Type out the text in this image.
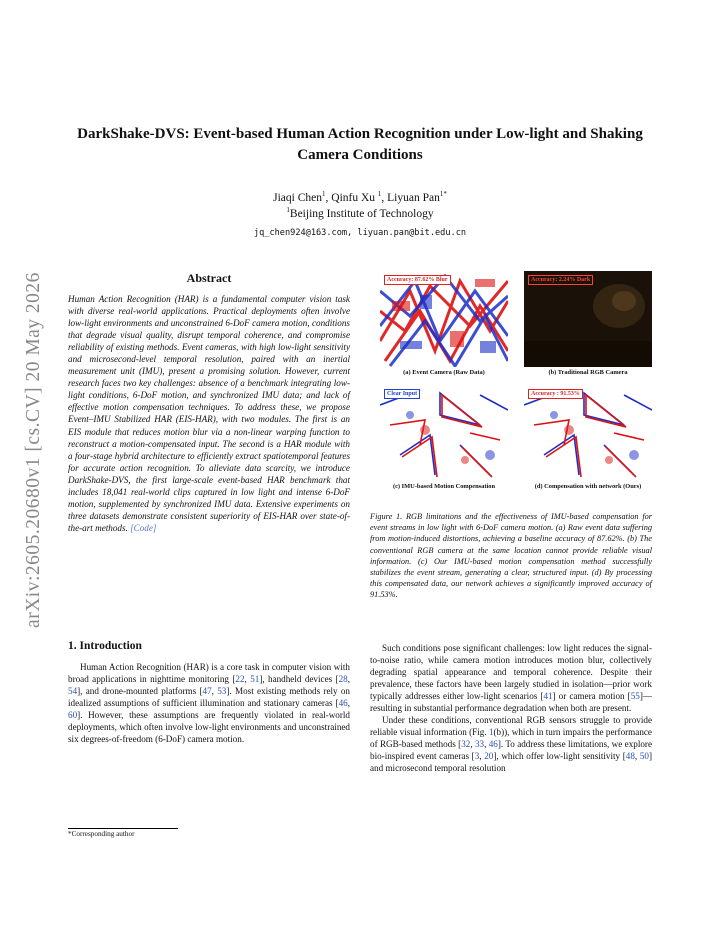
arXiv:2605.20680v1 [cs.CV] 20 May 2026
DarkShake-DVS: Event-based Human Action Recognition under Low-light and Shaking Camera Conditions
Jiaqi Chen$^1$, Qinfu Xu $^1$, Liyuan Pan$^{1*}$
$^1$Beijing Institute of Technology
jq_chen924@163.com, liyuan.pan@bit.edu.cn
Abstract
Human Action Recognition (HAR) is a fundamental computer vision task with diverse real-world applications. Practical deployments often involve low-light environments and unconstrained 6-DoF camera motion, conditions that degrade visual quality, disrupt temporal coherence, and compromise reliability of existing methods. Event cameras, with high low-light sensitivity and microsecond-level temporal resolution, paired with an inertial measurement unit (IMU), present a promising solution. However, current research faces two key challenges: absence of a benchmark integrating low-light conditions, 6-DoF motion, and synchronized IMU data; and lack of effective motion compensation techniques. To address these, we propose Event–IMU Stabilized HAR (EIS-HAR), with two modules. The first is an EIS module that reduces motion blur via a non-linear warping function to reconstruct a motion-compensated input. The second is a HAR module with a four-stage hybrid architecture to efficiently extract spatiotemporal features for accurate action recognition. To alleviate data scarcity, we introduce DarkShake-DVS, the first large-scale event-based HAR benchmark that includes 18,041 real-world clips captured in low light and intense 6-DoF motion, supplemented by synchronized IMU data. Extensive experiments on three datasets demonstrate consistent superiority of EIS-HAR over state-of-the-art methods. [Code]
1. Introduction

Human Action Recognition (HAR) is a core task in computer vision with broad applications in nighttime monitoring [22, 51], handheld devices [28, 54], and drone-mounted platforms [47, 53]. Most existing methods rely on idealized assumptions of sufficient illumination and stationary cameras [46, 60]. However, these assumptions are frequently violated in real-world deployments, which often involve low-light environments and unconstrained six degrees-of-freedom (6-DoF) camera motion.

*Corresponding author
Accuracy: 87.62% Blur
(a) Event Camera (Raw Data)
Accuracy: 2.24% Dark
(b) Traditional RGB Camera
Clear Input
(c) IMU-based Motion Compensation
Accuracy : 91.53%
(d) Compensation with network (Ours)
Figure 1. RGB limitations and the effectiveness of IMU-based compensation for event streams in low light with 6-DoF camera motion. (a) Raw event data suffering from motion-induced distortions, achieving a baseline accuracy of 87.62%. (b) The conventional RGB camera at the same location cannot provide reliable visual information. (c) Our IMU-based motion compensation method successfully stabilizes the event stream, generating a clear, structured input. (d) By processing this compensated data, our network achieves a significantly improved accuracy of 91.53%.

Such conditions pose significant challenges: low light reduces the signal-to-noise ratio, while camera motion introduces motion blur, collectively degrading spatial appearance and temporal coherence. Despite their prevalence, these factors have been largely studied in isolation—prior work typically addresses either low-light scenarios [41] or camera motion [55]—resulting in substantial performance degradation when both are present.

Under these conditions, conventional RGB sensors struggle to provide reliable visual information (Fig. 1(b)), which in turn impairs the performance of RGB-based methods [32, 33, 46]. To address these limitations, we explore bio-inspired event cameras [3, 20], which offer low-light sensitivity [48, 50] and microsecond temporal resolution
